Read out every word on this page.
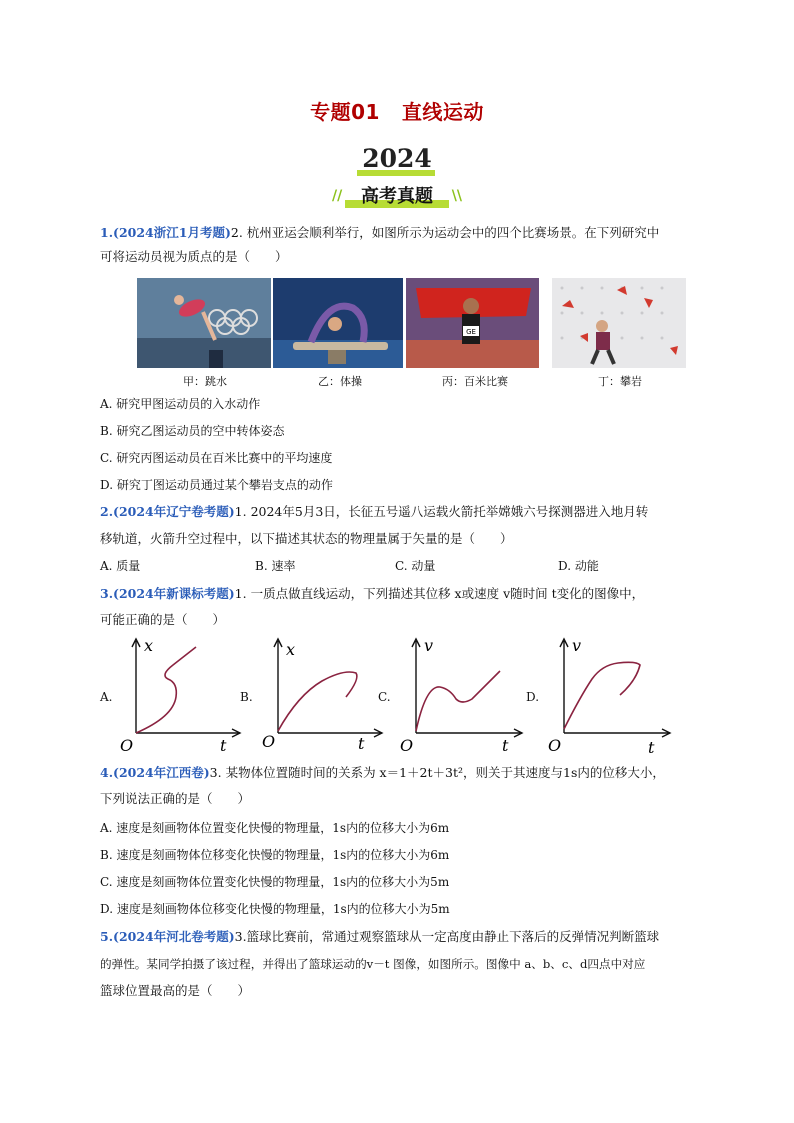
专题01 直线运动
2024
//	高考真题	\\
1.(2024浙江1月考题)2. 杭州亚运会顺利举行，如图所示为运动会中的四个比赛场景。在下列研究中
可将运动员视为质点的是（　　）
GE
甲：跳水	乙：体操	丙：百米比赛	丁：攀岩
A. 研究甲图运动员的入水动作
B. 研究乙图运动员的空中转体姿态
C. 研究丙图运动员在百米比赛中的平均速度
D. 研究丁图运动员通过某个攀岩支点的动作
2.(2024年辽宁卷考题)1. 2024年5月3日，长征五号遥八运载火箭托举嫦娥六号探测器进入地月转
移轨道，火箭升空过程中，以下描述其状态的物理量属于矢量的是（　　）
A. 质量	B. 速率	C. 动量	D. 动能
3.(2024年新课标考题)1. 一质点做直线运动，下列描述其位移 x或速度 v随时间 t变化的图像中，
可能正确的是（　　）
A.	B.	C.	D.
x
O	t
x
O	t
v
O	t
v
O	t
4.(2024年江西卷)3. 某物体位置随时间的关系为 x＝1＋2t＋3t²，则关于其速度与1s内的位移大小，
下列说法正确的是（　　）
A. 速度是刻画物体位置变化快慢的物理量，1s内的位移大小为6m
B. 速度是刻画物体位移变化快慢的物理量，1s内的位移大小为6m
C. 速度是刻画物体位置变化快慢的物理量，1s内的位移大小为5m
D. 速度是刻画物体位移变化快慢的物理量，1s内的位移大小为5m
5.(2024年河北卷考题)3.篮球比赛前，常通过观察篮球从一定高度由静止下落后的反弹情况判断篮球
的弹性。某同学拍摄了该过程，并得出了篮球运动的v－t 图像，如图所示。图像中 a、b、c、d四点中对应
篮球位置最高的是（　　）
